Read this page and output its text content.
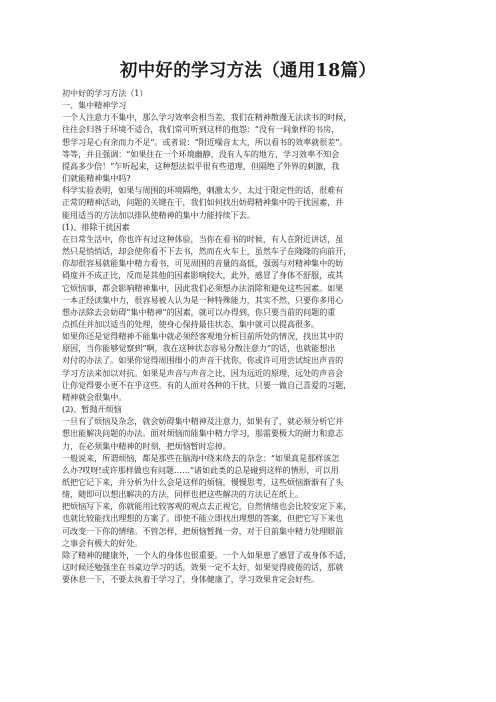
初中好的学习方法（通用18篇）
初中好的学习方法（1）
一、集中精神学习
一个人注意力不集中，那么学习效率会相当差，我们在精神散漫无法读书的时候，
往往会归咎于环境不适合，我们常可听到这样的抱怨：“没有一间象样的书房，
想学习是心有余而力不足”。或者说：“附近噪音太大，所以看书的效率就很差”。
等等，并且强调：“如果住在一个环境幽静，没有人车的地方，学习效率不知会
提高多少倍！”乍听起来，这种想法似乎很有些道理，但隔绝了外界的刺激，我
们就能精神集中吗?
科学实验表明，如果与周围的环境隔绝，刺激太少，太过于限定性的话，很难有
正常的精神活动，问题的关键在于，我们如何找出妨碍精神集中的干扰因素，并
能用适当的方法加以排队使精神的集中力能持续下去。
(1)、排除干扰因素
在日常生活中，你也许有过这种体验，当你在看书的时候，有人在附近讲话，虽
然只是悄悄话，却会使你看不下去书，然而在火车上，虽然车子在隆隆的向前开，
你却很容易就能集中精力看书，可见周围的音量的高低，强弱与对精神集中的妨
碍度并不成正比，反而是其他的因素影响较大，此外，感冒了身体不舒服，或其
它烦恼事，都会影响精神集中，因此我们必须想办法消除和避免这些因素。如果
一本正经读集中力，很容易被人认为是一种特殊能力，其实不然，只要你多用心
想办法除去会妨碍“集中精神”的因素，就可以办得到，你只要当前的问题的重
点抓住并加以适当的处理，使身心保持最佳状态，集中就可以提高很多。
如果你还是觉得精神不能集中就必须经客观地分析目前所处的情况，找出其中的
原因，当你能够觉察到“啊，我在这种状态容易分散注意力”的话，也就能想出
对付的办法了。如果你觉得周围细小的声音干扰你，你或许可用尝试绽出声音的
学习方法来加以对抗。如果是声音与声音之比，因为远近的原理，远处的声音会
让你觉得要小更不在乎这些。有的人面对各种的干扰，只要一做自己喜爱的习题，
精神就会很集中。
(2)、暂抛开烦恼
一旦有了烦恼及杂念，就会妨碍集中精神及注意力，如果有了，就必须分析它并
想出能解决问题的办法。面对烦恼而能集中精力学习，那需要极大的耐力和意志
力，在必须集中精神的时刻，把烦恼暂时忘掉。
一般说来，所谓烦恼，都是那些在脑海中绕来绕去的杂念：“如果真是那样该怎
么办?哎呀!或许那样做也有问题……”诸如此类的总是碰到这样的情形，可以用
纸把它记下来，并分析为什么会是这样的烦恼，慢慢思考，这些烦恼渐渐有了头
绪，随即可以想出解决的方法，同样也把这些解决的方法记在纸上。
把烦恼写下来，你就能用比较客观的观点去正视它，自然情绪也会比较安定下来，
也就比较能找出理想的方案了。即使不能立即找出理想的答案，但把它写下来也
可改变一下你的情绪。不管怎样，把烦恼暂抛一旁，对于目前集中精力处理眼前
之事会有极大的好处。
除了精神的健康外，一个人的身体也很重要。一个人如果患了感冒了或身体不适，
这时候还勉强坐在书桌边学习的话，效果一定不太好，如果觉得疲倦的话，那就
要休息一下，不要太执着于学习了，身体健康了，学习效果肯定会好些。
